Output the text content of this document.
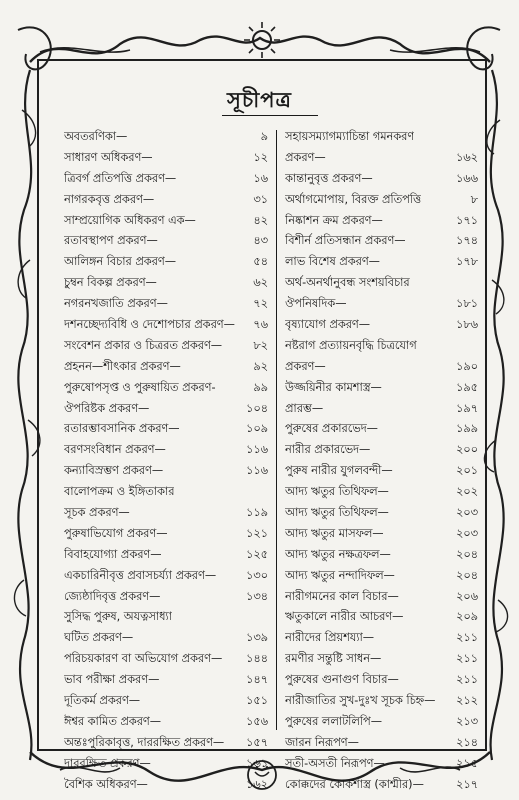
সূচীপত্র
অবতরণিকা—	৯
সাধারণ অধিকরণ—	১২
ত্রিবর্গ প্রতিপত্তি প্রকরণ—	১৬
নাগরকবৃত্ত প্রকরণ—	৩১
সাম্প্রয়োগিক অধিকরণ এক—	৪২
রতাবস্থাপণ প্রকরণ—	৪৩
আলিঙ্গন বিচার প্রকরণ—	৫৪
চুম্বন বিকল্প প্রকরণ—	৬২
নগরনখজাতি প্রকরণ—	৭২
দশনচ্ছেদ্যবিধি ও দেশোপচার প্রকরণ—	৭৬
সংবেশন প্রকার ও চিত্ররত প্রকরণ—	৮২
প্রহনন—শীৎকার প্রকরণ—	৯২
পুরুষোপসৃপ্ত ও পুরুষায়িত প্রকরণ-	৯৯
ঔপরিষ্টক প্রকরণ—	১০৪
রতারম্ভাবসানিক প্রকরণ—	১০৯
বরণসংবিধান প্রকরণ—	১১৬
কন্যাবিস্রম্ভণ প্রকরণ—	১১৬
বালোপক্রম ও ইঙ্গিতাকার
সূচক প্রকরণ—	১১৯
পুরুষাভিযোগ প্রকরণ—	১২১
বিবাহযোগ্যা প্রকরণ—	১২৫
একচারিনীবৃত্ত প্রবাসচর্য্যা প্রকরণ—	১৩০
জ্যেষ্ঠাদিবৃত্ত প্রকরণ—	১৩৪
সুসিদ্ধ পুরুষ, অযত্নসাধ্যা
ঘটিত প্রকরণ—	১৩৯
পরিচয়কারণ বা অভিযোগ প্রকরণ—	১৪৪
ভাব পরীক্ষা প্রকরণ—	১৪৭
দূতিকর্ম প্রকরণ—	১৫১
ঈশ্বর কামিত প্রকরণ—	১৫৬
অন্তঃপুরিকাবৃত্ত, দাররক্ষিত প্রকরণ—	১৫৭
দাররক্ষিত প্রকরণ—	১৬১
বৈশিক অধিকরণ—	১৬২
সহায়সম্যাগম্যাচিন্তা গমনকরণ
প্রকরণ—	১৬২
কান্তানুবৃত্ত প্রকরণ—	১৬৬
অর্থাগমোপায়, বিরক্ত প্রতিপত্তি	৮
নিষ্কাশন ক্রম প্রকরণ—	১৭১
বিশীর্ন প্রতিসন্ধান প্রকরণ—	১৭৪
লাভ বিশেষ প্রকরণ—	১৭৮
অর্থ-অনর্থানুবন্ধ সংশয়বিচার
ঔপনিষদিক—	১৮১
বৃষ্যাযোগ প্রকরণ—	১৮৬
নষ্টরাগ প্রত্যায়নবৃদ্ধি চিত্রযোগ
প্রকরণ—	১৯০
উজ্জয়িনীর কামশাস্ত্র—	১৯৫
প্রারম্ভ—	১৯৭
পুরুষের প্রকারভেদ—	১৯৯
নারীর প্রকারভেদ—	২০০
পুরুষ নারীর যুগলবন্দী—	২০১
আদ্য ঋতুর তিথিফল—	২০২
আদ্য ঋতুর তিথিফল—	২০৩
আদ্য ঋতুর মাসফল—	২০৩
আদ্য ঋতুর নক্ষত্রফল—	২০৪
আদ্য ঋতুর নন্দাদিফল—	২০৪
নারীগমনের কাল বিচার—	২০৬
ঋতুকালে নারীর আচরণ—	২০৯
নারীদের প্রিয়শয্যা—	২১১
রমণীর সন্তুষ্টি সাধন—	২১১
পুরুষের গুনাগুণ বিচার—	২১১
নারীজাতির সুখ-দুঃখ সূচক চিহ্ন—	২১২
পুরুষের ললাটলিপি—	২১৩
জারন নিরূপণ—	২১৪
সতী-অসতী নিরূপণ—	২১৫
কোক্কদের কোকশাস্ত্র (কাশ্মীর)—	২১৭
